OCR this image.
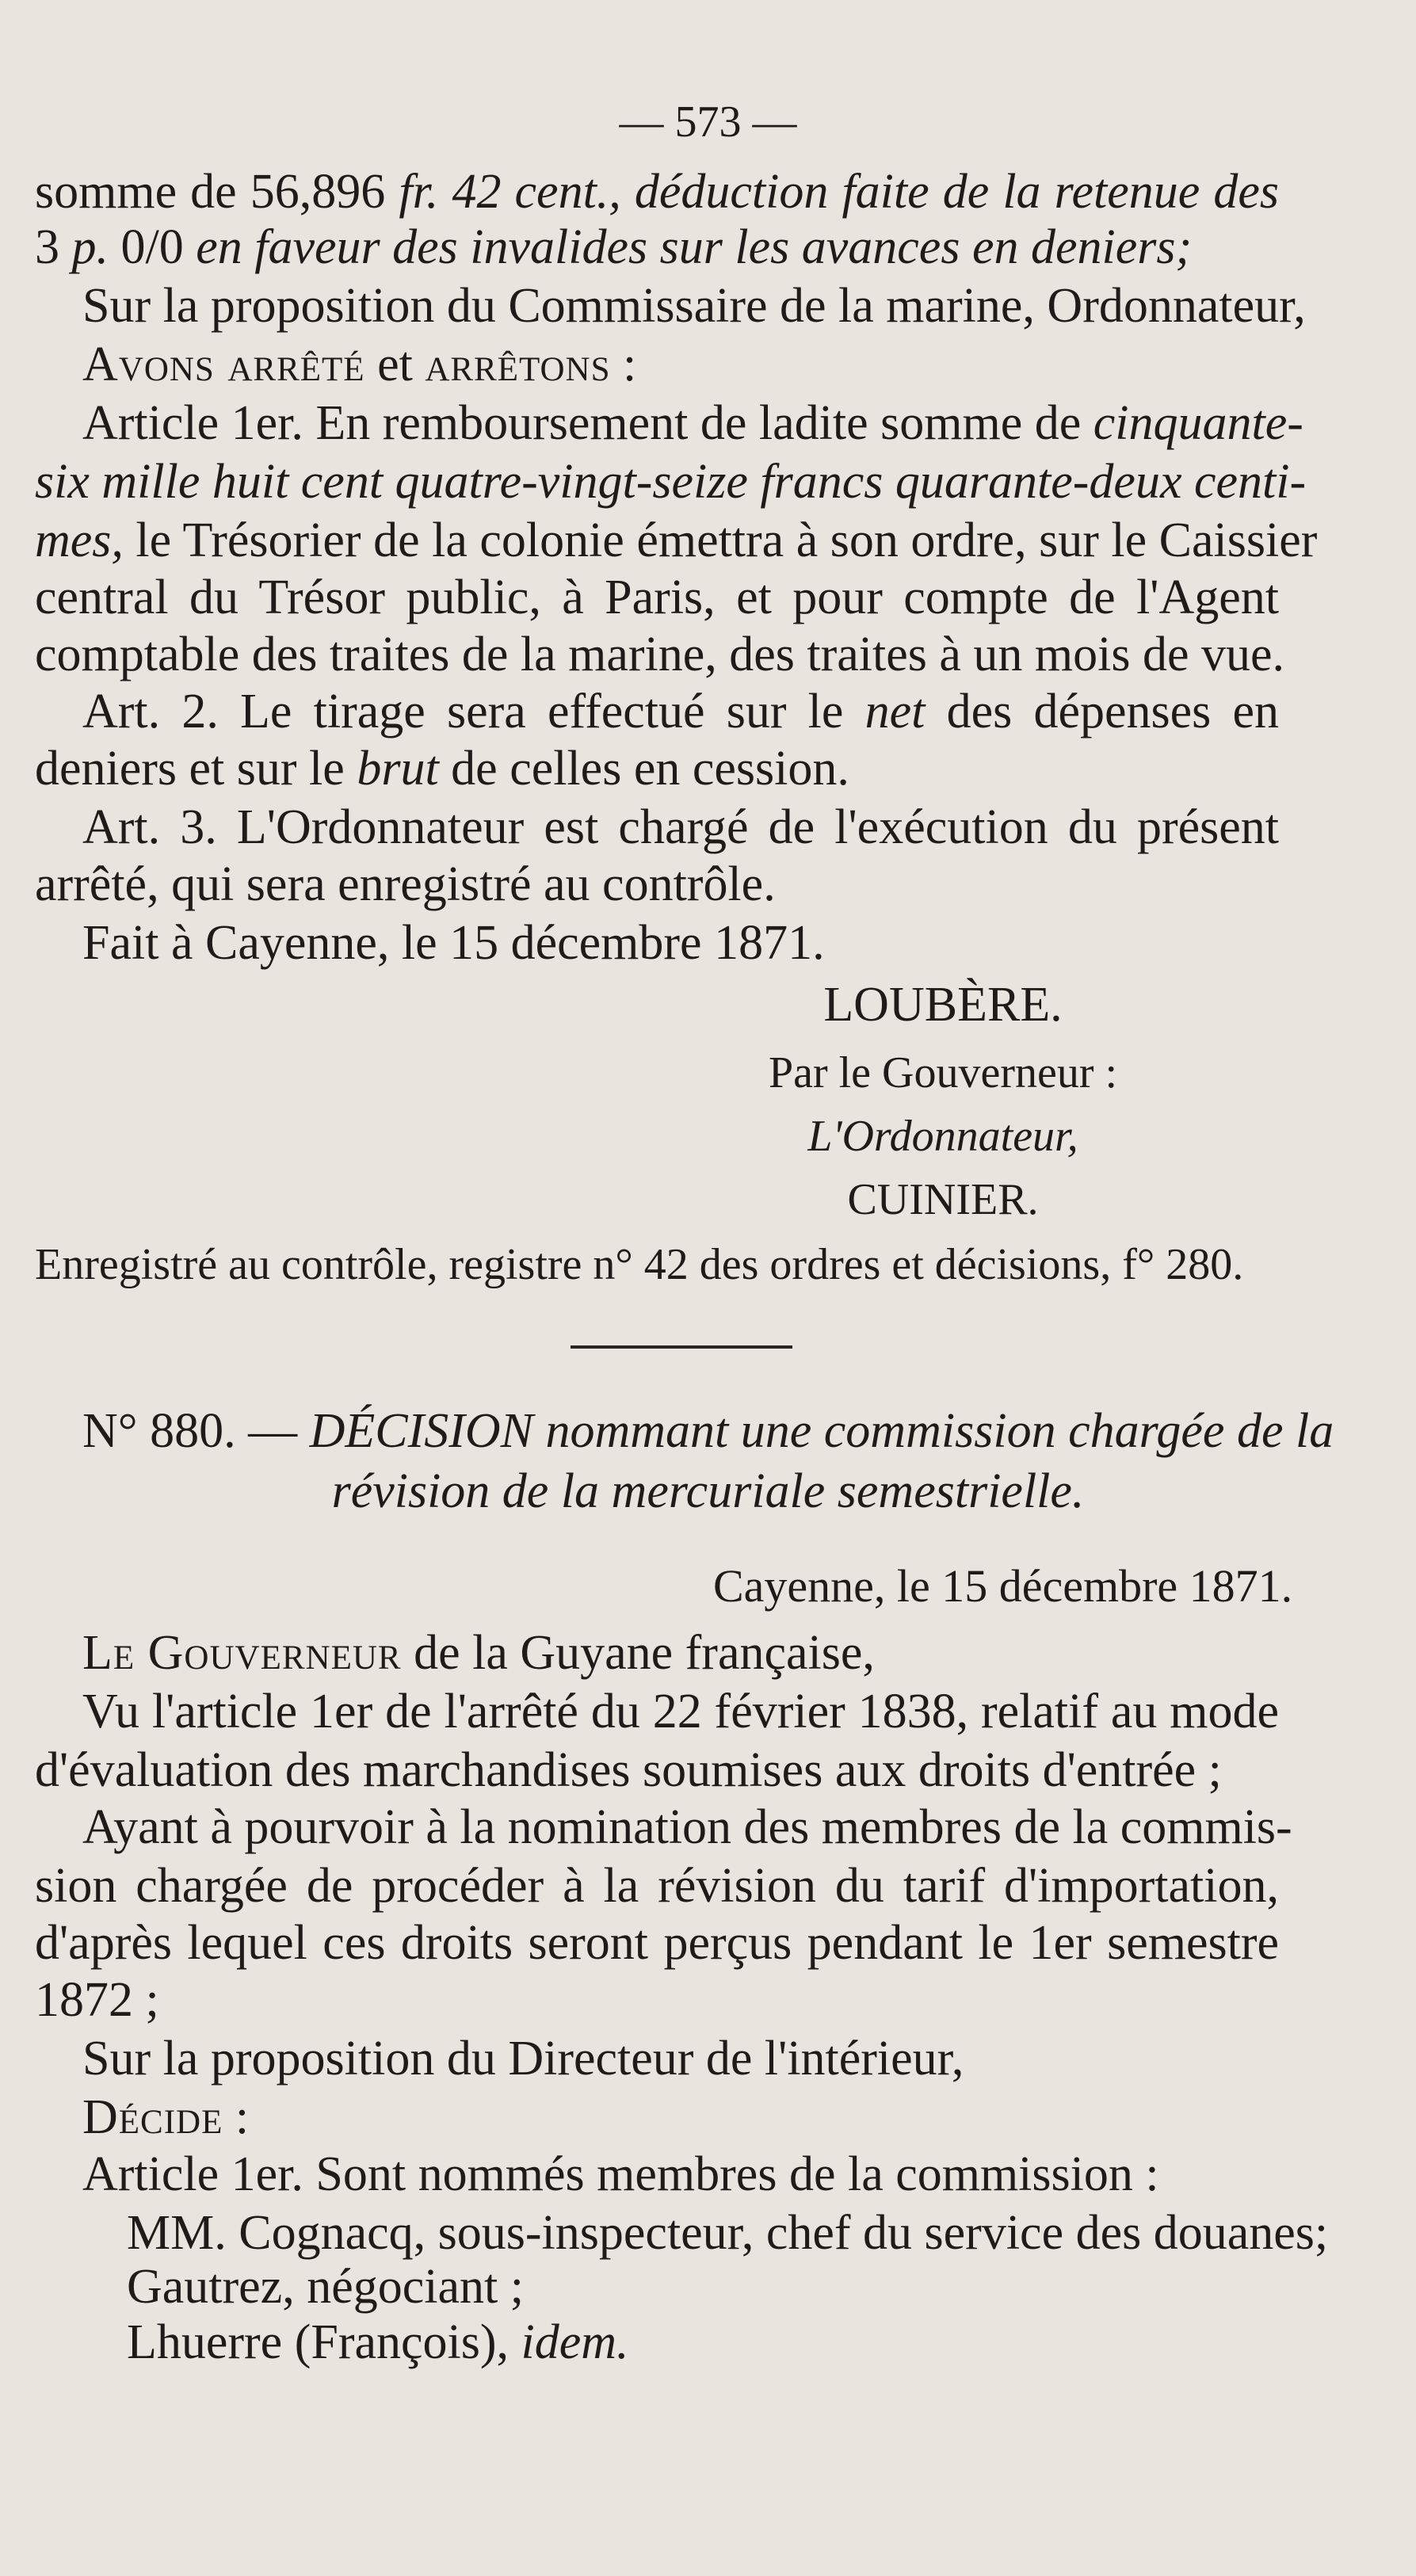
— 573 —
somme de 56,896 fr. 42 cent., déduction faite de la retenue des
3 p. 0/0 en faveur des invalides sur les avances en deniers;
Sur la proposition du Commissaire de la marine, Ordonnateur,
Avons arrêté et arrêtons :
Article 1er. En remboursement de ladite somme de cinquante-
six mille huit cent quatre-vingt-seize francs quarante-deux centi-
mes, le Trésorier de la colonie émettra à son ordre, sur le Caissier
central du Trésor public, à Paris, et pour compte de l'Agent
comptable des traites de la marine, des traites à un mois de vue.
Art. 2. Le tirage sera effectué sur le net des dépenses en
deniers et sur le brut de celles en cession.
Art. 3. L'Ordonnateur est chargé de l'exécution du présent
arrêté, qui sera enregistré au contrôle.
Fait à Cayenne, le 15 décembre 1871.
LOUBÈRE.
Par le Gouverneur :
L'Ordonnateur,
CUINIER.
Enregistré au contrôle, registre n° 42 des ordres et décisions, f° 280.
N° 880. — DÉCISION nommant une commission chargée de la
révision de la mercuriale semestrielle.
Cayenne, le 15 décembre 1871.
Le Gouverneur de la Guyane française,
Vu l'article 1er de l'arrêté du 22 février 1838, relatif au mode
d'évaluation des marchandises soumises aux droits d'entrée ;
Ayant à pourvoir à la nomination des membres de la commis-
sion chargée de procéder à la révision du tarif d'importation,
d'après lequel ces droits seront perçus pendant le 1er semestre
1872 ;
Sur la proposition du Directeur de l'intérieur,
Décide :
Article 1er. Sont nommés membres de la commission :
MM. Cognacq, sous-inspecteur, chef du service des douanes;
Gautrez, négociant ;
Lhuerre (François), idem.
